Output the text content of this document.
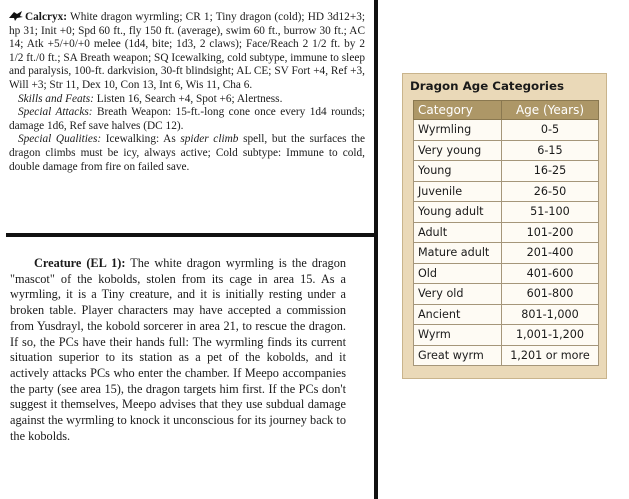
Calcryx: White dragon wyrmling; CR 1; Tiny dragon (cold); HD 3d12+3; hp 31; Init +0; Spd 60 ft., fly 150 ft. (average), swim 60 ft., burrow 30 ft.; AC 14; Atk +5/+0/+0 melee (1d4, bite; 1d3, 2 claws); Face/Reach 2 1/2 ft. by 2 1/2 ft./0 ft.; SA Breath weapon; SQ Icewalking, cold subtype, immune to sleep and paralysis, 100-ft. darkvision, 30-ft blindsight; AL CE; SV Fort +4, Ref +3, Will +3; Str 11, Dex 10, Con 13, Int 6, Wis 11, Cha 6.

Skills and Feats: Listen 16, Search +4, Spot +6; Alertness.

Special Attacks: Breath Weapon: 15-ft.-long cone once every 1d4 rounds; damage 1d6, Ref save halves (DC 12).

Special Qualities: Icewalking: As spider climb spell, but the surfaces the dragon climbs must be icy, always active; Cold subtype: Immune to cold, double damage from fire on failed save.

Creature (EL 1): The white dragon wyrmling is the dragon "mascot" of the kobolds, stolen from its cage in area 15. As a wyrmling, it is a Tiny creature, and it is initially resting under a broken table. Player characters may have accepted a commission from Yusdrayl, the kobold sorcerer in area 21, to rescue the dragon. If so, the PCs have their hands full: The wyrmling finds its current situation superior to its station as a pet of the kobolds, and it actively attacks PCs who enter the chamber. If Meepo accompanies the party (see area 15), the dragon targets him first. If the PCs don't suggest it themselves, Meepo advises that they use subdual damage against the wyrmling to knock it unconscious for its journey back to the kobolds.

Dragon Age Categories
Category	Age (Years)
Wyrmling	0-5
Very young	6-15
Young	16-25
Juvenile	26-50
Young adult	51-100
Adult	101-200
Mature adult	201-400
Old	401-600
Very old	601-800
Ancient	801-1,000
Wyrm	1,001-1,200
Great wyrm	1,201 or more
